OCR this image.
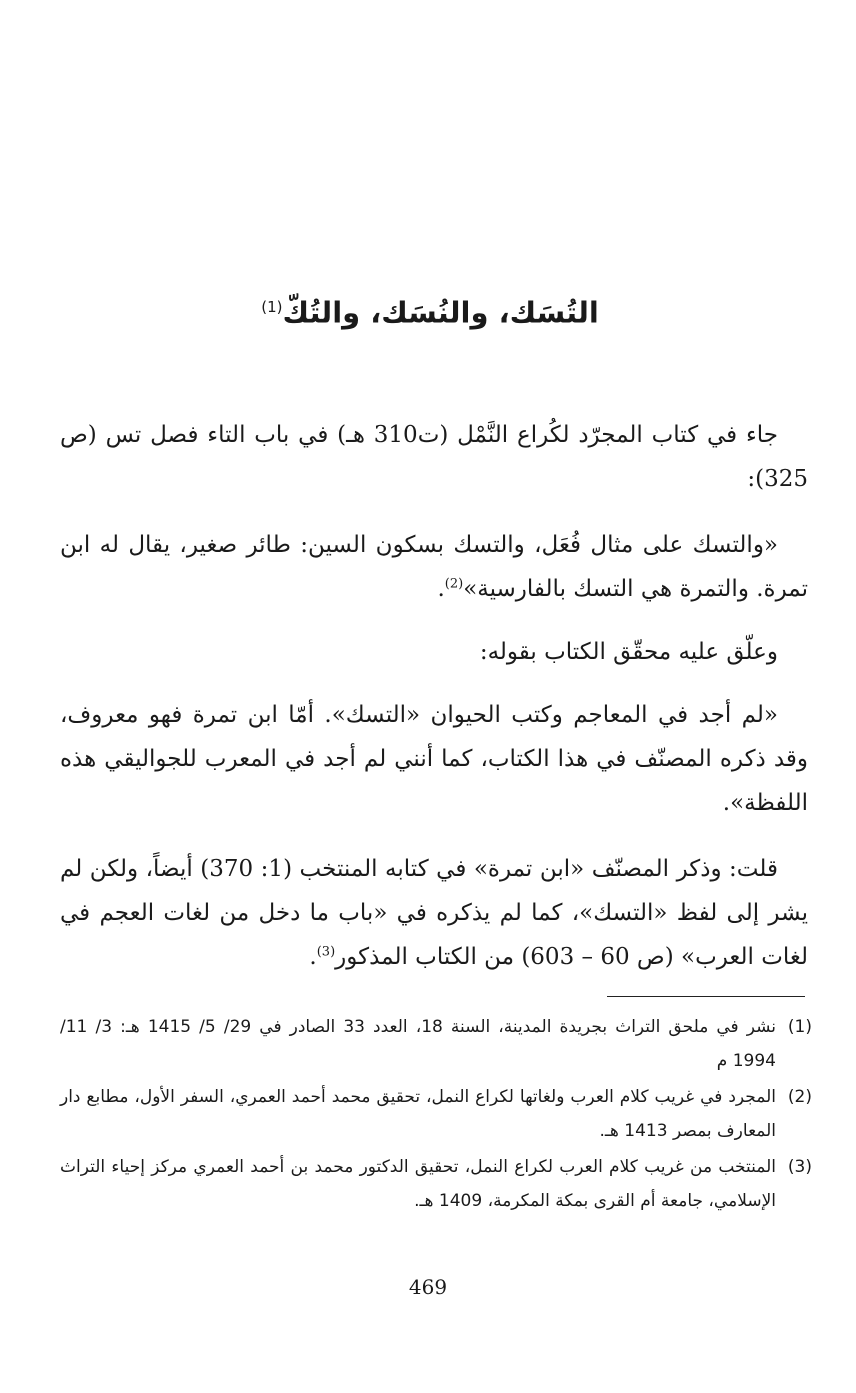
التُسَك، والنُسَك، والتُكّ$^{(1)}$
جاء في كتاب المجرّد لكُراع النَّمْل (ت310 هـ) في باب التاء فصل تس (ص 325):
«والتسك على مثال فُعَل، والتسك بسكون السين: طائر صغير، يقال له ابن تمرة. والتمرة هي التسك بالفارسية»$^{(2)}$.
وعلّق عليه محقّق الكتاب بقوله:
«لم أجد في المعاجم وكتب الحيوان «التسك». أمّا ابن تمرة فهو معروف، وقد ذكره المصنّف في هذا الكتاب، كما أنني لم أجد في المعرب للجواليقي هذه اللفظة».
قلت: وذكر المصنّف «ابن تمرة» في كتابه المنتخب (1: 370) أيضاً، ولكن لم يشر إلى لفظ «التسك»، كما لم يذكره في «باب ما دخل من لغات العجم في لغات العرب» (ص 60 – 603) من الكتاب المذكور$^{(3)}$.
(1)
نشر في ملحق التراث بجريدة المدينة، السنة 18، العدد 33 الصادر في 29/ 5/ 1415 هـ: 3/ 11/ 1994 م
(2)
المجرد في غريب كلام العرب ولغاتها لكراع النمل، تحقيق محمد أحمد العمري، السفر الأول، مطابع دار المعارف بمصر 1413 هـ.
(3)
المنتخب من غريب كلام العرب لكراع النمل، تحقيق الدكتور محمد بن أحمد العمري مركز إحياء التراث الإسلامي، جامعة أم القرى بمكة المكرمة، 1409 هـ.
469
